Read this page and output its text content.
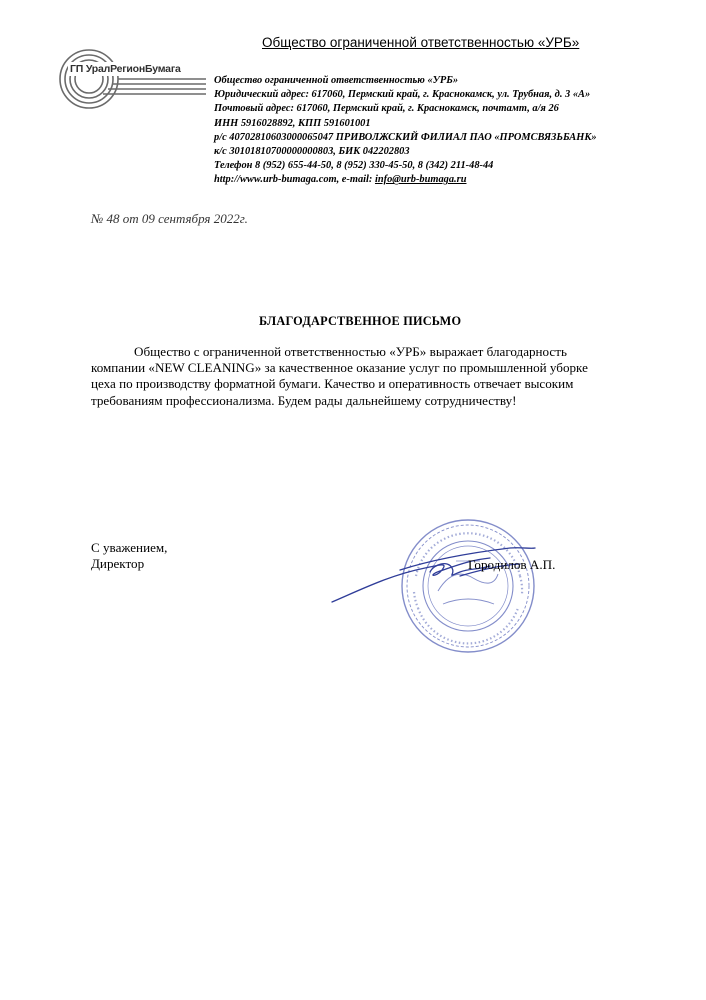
Общество ограниченной ответственностью «УРБ»
ГП УралРегионБумага
Общество ограниченной ответственностью «УРБ»
Юридический адрес: 617060, Пермский край, г. Краснокамск, ул. Трубная, д. 3 «А»
Почтовый адрес: 617060, Пермский край, г. Краснокамск, почтамт, а/я 26
ИНН 5916028892, КПП 591601001
р/с 40702810603000065047 ПРИВОЛЖСКИЙ ФИЛИАЛ ПАО «ПРОМСВЯЗЬБАНК»
к/с 30101810700000000803, БИК 042202803
Телефон 8 (952) 655-44-50, 8 (952) 330-45-50, 8 (342) 211-48-44
http://www.urb-bumaga.com, e-mail: info@urb-bumaga.ru
№ 48 от 09 сентября 2022г.
БЛАГОДАРСТВЕННОЕ ПИСЬМО
Общество с ограниченной ответственностью «УРБ» выражает благодарность
компании «NEW CLEANING» за качественное оказание услуг по промышленной уборке
цеха по производству форматной бумаги. Качество и оперативность отвечает высоким
требованиям профессионализма. Будем рады дальнейшему сотрудничеству!
С уважением,
Директор	Городилов А.П.
